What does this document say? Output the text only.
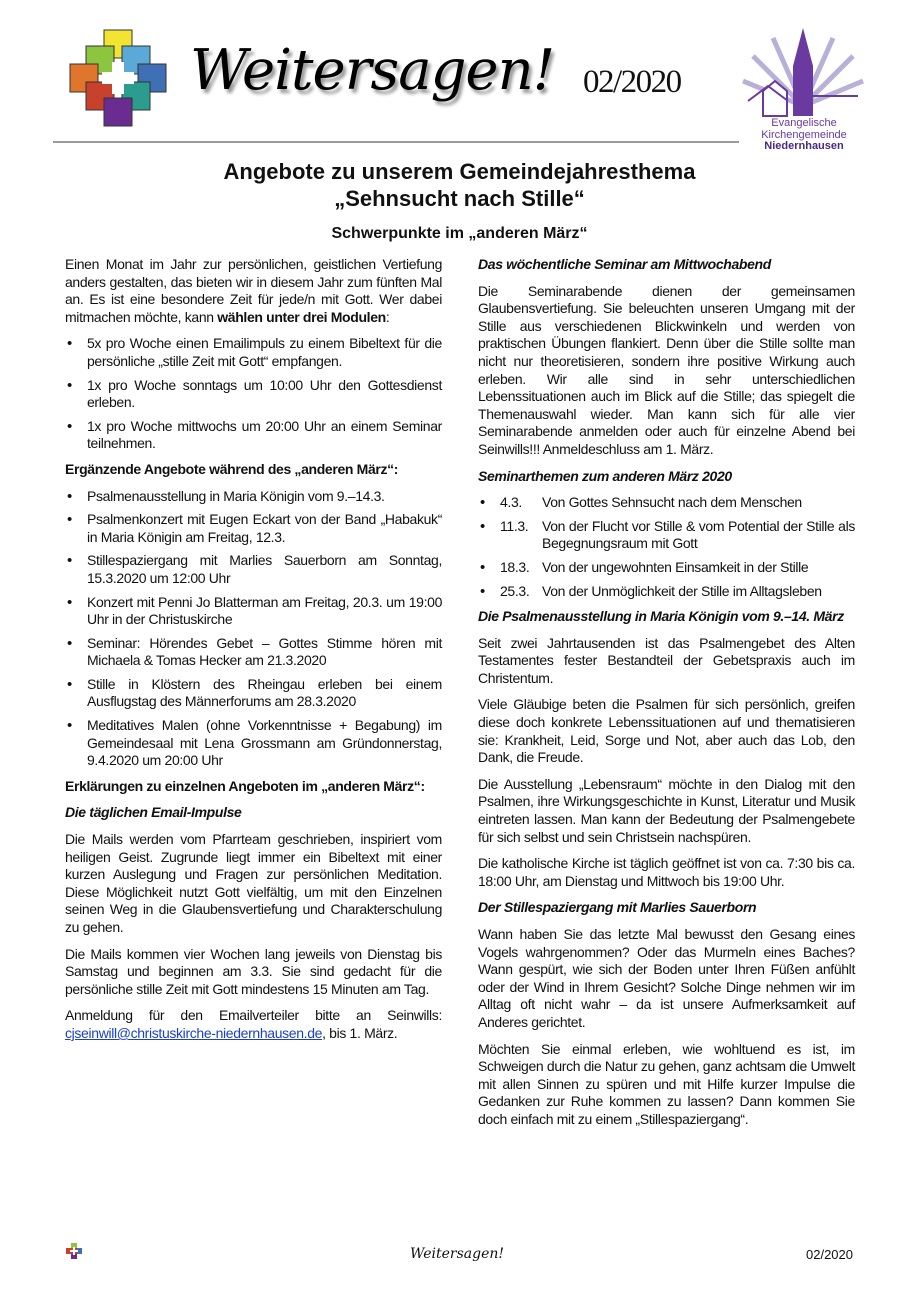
Weitersagen! 02/2020
Evangelische
Kirchengemeinde
Niedernhausen
Angebote zu unserem Gemeindejahresthema
„Sehnsucht nach Stille“
Schwerpunkte im „anderen März“

Einen Monat im Jahr zur persönlichen, geistlichen Vertiefung anders gestalten, das bieten wir in diesem Jahr zum fünften Mal an. Es ist eine besondere Zeit für jede/n mit Gott. Wer dabei mitmachen möchte, kann wählen unter drei Modulen:

• 5x pro Woche einen Emailimpuls zu einem Bibeltext für die persönliche „stille Zeit mit Gott“ empfangen.
• 1x pro Woche sonntags um 10:00 Uhr den Gottesdienst erleben.
• 1x pro Woche mittwochs um 20:00 Uhr an einem Seminar teilnehmen.
Ergänzende Angebote während des „anderen März“:
• Psalmenausstellung in Maria Königin vom 9.–14.3.
• Psalmenkonzert mit Eugen Eckart von der Band „Habakuk“ in Maria Königin am Freitag, 12.3.
• Stillespaziergang mit Marlies Sauerborn am Sonntag, 15.3.2020 um 12:00 Uhr
• Konzert mit Penni Jo Blatterman am Freitag, 20.3. um 19:00 Uhr in der Christuskirche
• Seminar: Hörendes Gebet – Gottes Stimme hören mit Michaela & Tomas Hecker am 21.3.2020
• Stille in Klöstern des Rheingau erleben bei einem Ausflugstag des Männerforums am 28.3.2020
• Meditatives Malen (ohne Vorkenntnisse + Begabung) im Gemeindesaal mit Lena Grossmann am Gründonnerstag, 9.4.2020 um 20:00 Uhr
Erklärungen zu einzelnen Angeboten im „anderen März“:
Die täglichen Email-Impulse

Die Mails werden vom Pfarrteam geschrieben, inspiriert vom heiligen Geist. Zugrunde liegt immer ein Bibeltext mit einer kurzen Auslegung und Fragen zur persönlichen Meditation. Diese Möglichkeit nutzt Gott vielfältig, um mit den Einzelnen seinen Weg in die Glaubensvertiefung und Charakterschulung zu gehen.

Die Mails kommen vier Wochen lang jeweils von Dienstag bis Samstag und beginnen am 3.3. Sie sind gedacht für die persönliche stille Zeit mit Gott mindestens 15 Minuten am Tag.

Anmeldung für den Emailverteiler bitte an Seinwills: cjseinwill@christuskirche-niedernhausen.de, bis 1. März.

Das wöchentliche Seminar am Mittwochabend

Die Seminarabende dienen der gemeinsamen Glaubensvertiefung. Sie beleuchten unseren Umgang mit der Stille aus verschiedenen Blickwinkeln und werden von praktischen Übungen flankiert. Denn über die Stille sollte man nicht nur theoretisieren, sondern ihre positive Wirkung auch erleben. Wir alle sind in sehr unterschiedlichen Lebenssituationen auch im Blick auf die Stille; das spiegelt die Themenauswahl wieder. Man kann sich für alle vier Seminarabende anmelden oder auch für einzelne Abend bei Seinwills!!! Anmeldeschluss am 1. März.

Seminarthemen zum anderen März 2020
• 4.3. Von Gottes Sehnsucht nach dem Menschen
• 11.3. Von der Flucht vor Stille & vom Potential der Stille als Begegnungsraum mit Gott
• 18.3. Von der ungewohnten Einsamkeit in der Stille
• 25.3. Von der Unmöglichkeit der Stille im Alltagsleben
Die Psalmenausstellung in Maria Königin vom 9.–14. März

Seit zwei Jahrtausenden ist das Psalmengebet des Alten Testamentes fester Bestandteil der Gebetspraxis auch im Christentum.

Viele Gläubige beten die Psalmen für sich persönlich, greifen diese doch konkrete Lebenssituationen auf und thematisieren sie: Krankheit, Leid, Sorge und Not, aber auch das Lob, den Dank, die Freude.

Die Ausstellung „Lebensraum“ möchte in den Dialog mit den Psalmen, ihre Wirkungsgeschichte in Kunst, Literatur und Musik eintreten lassen. Man kann der Bedeutung der Psalmengebete für sich selbst und sein Christsein nachspüren.

Die katholische Kirche ist täglich geöffnet ist von ca. 7:30 bis ca. 18:00 Uhr, am Dienstag und Mittwoch bis 19:00 Uhr.

Der Stillespaziergang mit Marlies Sauerborn

Wann haben Sie das letzte Mal bewusst den Gesang eines Vogels wahrgenommen? Oder das Murmeln eines Baches? Wann gespürt, wie sich der Boden unter Ihren Füßen anfühlt oder der Wind in Ihrem Gesicht? Solche Dinge nehmen wir im Alltag oft nicht wahr – da ist unsere Aufmerksamkeit auf Anderes gerichtet.

Möchten Sie einmal erleben, wie wohltuend es ist, im Schweigen durch die Natur zu gehen, ganz achtsam die Umwelt mit allen Sinnen zu spüren und mit Hilfe kurzer Impulse die Gedanken zur Ruhe kommen zu lassen? Dann kommen Sie doch einfach mit zu einem „Stillespaziergang“.

Weitersagen!	02/2020
